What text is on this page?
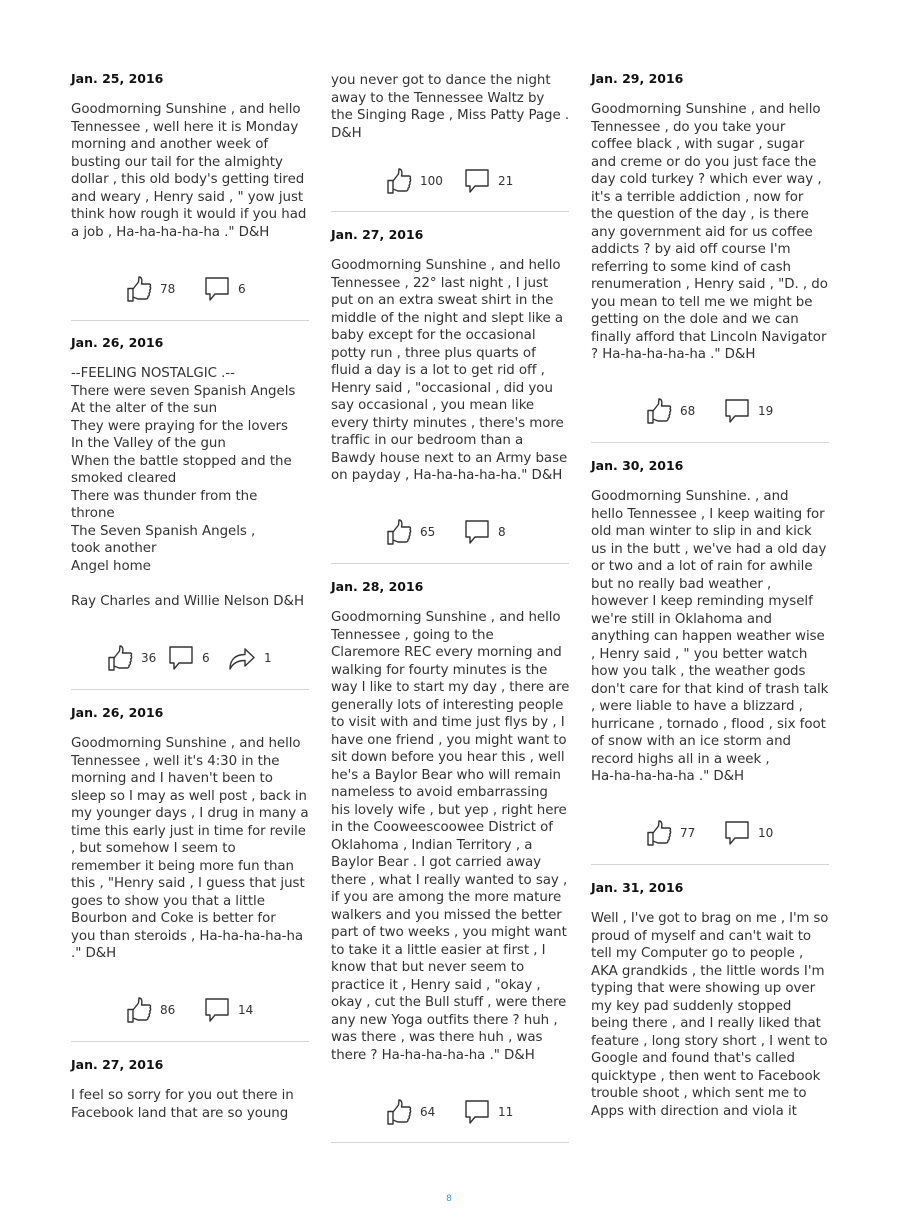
Jan. 25, 2016

Goodmorning Sunshine , and hello

Tennessee , well here it is Monday

morning and another week of

busting our tail for the almighty

dollar , this old body's getting tired

and weary , Henry said , " yow just

think how rough it would if you had

a job , Ha-ha-ha-ha-ha ." D&H

78	6
Jan. 26, 2016

--FEELING NOSTALGIC .--

There were seven Spanish Angels

At the alter of the sun

They were praying for the lovers

In the Valley of the gun

When the battle stopped and the

smoked cleared

There was thunder from the

throne

The Seven Spanish Angels ,

took another

Angel home

Ray Charles and Willie Nelson D&H

36	6	1
Jan. 26, 2016

Goodmorning Sunshine , and hello

Tennessee , well it's 4:30 in the

morning and I haven't been to

sleep so I may as well post , back in

my younger days , I drug in many a

time this early just in time for revile

, but somehow I seem to

remember it being more fun than

this , "Henry said , I guess that just

goes to show you that a little

Bourbon and Coke is better for

you than steroids , Ha-ha-ha-ha-ha

." D&H

86	14
Jan. 27, 2016

I feel so sorry for you out there in

Facebook land that are so young

you never got to dance the night

away to the Tennessee Waltz by

the Singing Rage , Miss Patty Page .

D&H

100	21
Jan. 27, 2016

Goodmorning Sunshine , and hello

Tennessee , 22° last night , I just

put on an extra sweat shirt in the

middle of the night and slept like a

baby except for the occasional

potty run , three plus quarts of

fluid a day is a lot to get rid off ,

Henry said , "occasional , did you

say occasional , you mean like

every thirty minutes , there's more

traffic in our bedroom than a

Bawdy house next to an Army base

on payday , Ha-ha-ha-ha-ha." D&H

65	8
Jan. 28, 2016

Goodmorning Sunshine , and hello

Tennessee , going to the

Claremore REC every morning and

walking for fourty minutes is the

way I like to start my day , there are

generally lots of interesting people

to visit with and time just flys by , I

have one friend , you might want to

sit down before you hear this , well

he's a Baylor Bear who will remain

nameless to avoid embarrassing

his lovely wife , but yep , right here

in the Cooweescoowee District of

Oklahoma , Indian Territory , a

Baylor Bear . I got carried away

there , what I really wanted to say ,

if you are among the more mature

walkers and you missed the better

part of two weeks , you might want

to take it a little easier at first , I

know that but never seem to

practice it , Henry said , "okay ,

okay , cut the Bull stuff , were there

any new Yoga outfits there ? huh ,

was there , was there huh , was

there ? Ha-ha-ha-ha-ha ." D&H

64	11
Jan. 29, 2016

Goodmorning Sunshine , and hello

Tennessee , do you take your

coffee black , with sugar , sugar

and creme or do you just face the

day cold turkey ? which ever way ,

it's a terrible addiction , now for

the question of the day , is there

any government aid for us coffee

addicts ? by aid off course I'm

referring to some kind of cash

renumeration , Henry said , "D. , do

you mean to tell me we might be

getting on the dole and we can

finally afford that Lincoln Navigator

? Ha-ha-ha-ha-ha ." D&H

68	19
Jan. 30, 2016

Goodmorning Sunshine. , and

hello Tennessee , I keep waiting for

old man winter to slip in and kick

us in the butt , we've had a old day

or two and a lot of rain for awhile

but no really bad weather ,

however I keep reminding myself

we're still in Oklahoma and

anything can happen weather wise

, Henry said , " you better watch

how you talk , the weather gods

don't care for that kind of trash talk

, were liable to have a blizzard ,

hurricane , tornado , flood , six foot

of snow with an ice storm and

record highs all in a week ,

Ha-ha-ha-ha-ha ." D&H

77	10
Jan. 31, 2016

Well , I've got to brag on me , I'm so

proud of myself and can't wait to

tell my Computer go to people ,

AKA grandkids , the little words I'm

typing that were showing up over

my key pad suddenly stopped

being there , and I really liked that

feature , long story short , I went to

Google and found that's called

quicktype , then went to Facebook

trouble shoot , which sent me to

Apps with direction and viola it

8
